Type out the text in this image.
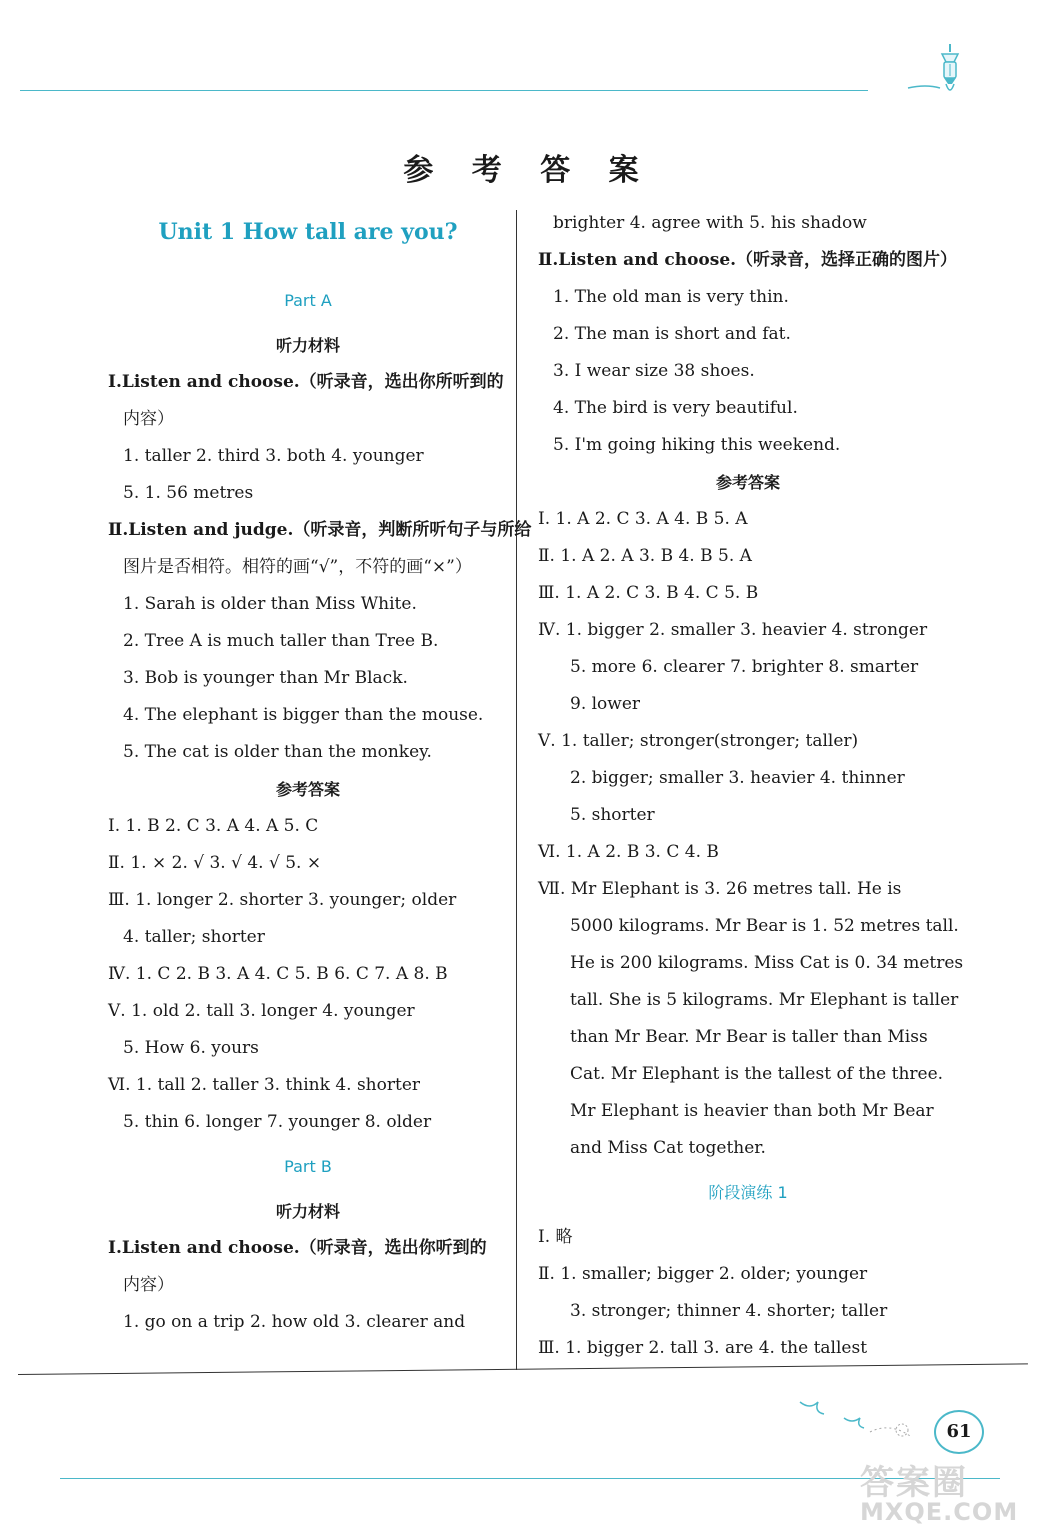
参 考 答 案
Unit 1 How tall are you?
Part A
听力材料
Ⅰ.Listen and choose.（听录音，选出你所听到的
内容）
1. taller 2. third 3. both 4. younger
5. 1. 56 metres
Ⅱ.Listen and judge.（听录音，判断所听句子与所给
图片是否相符。相符的画“√”，不符的画“×”）
1. Sarah is older than Miss White.
2. Tree A is much taller than Tree B.
3. Bob is younger than Mr Black.
4. The elephant is bigger than the mouse.
5. The cat is older than the monkey.
参考答案
Ⅰ. 1. B 2. C 3. A 4. A 5. C
Ⅱ. 1. × 2. √ 3. √ 4. √ 5. ×
Ⅲ. 1. longer 2. shorter 3. younger; older
4. taller; shorter
Ⅳ. 1. C 2. B 3. A 4. C 5. B 6. C 7. A 8. B
Ⅴ. 1. old 2. tall 3. longer 4. younger
5. How 6. yours
Ⅵ. 1. tall 2. taller 3. think 4. shorter
5. thin 6. longer 7. younger 8. older
Part B
听力材料
Ⅰ.Listen and choose.（听录音，选出你听到的
内容）
1. go on a trip 2. how old 3. clearer and
brighter 4. agree with 5. his shadow
Ⅱ.Listen and choose.（听录音，选择正确的图片）
1. The old man is very thin.
2. The man is short and fat.
3. I wear size 38 shoes.
4. The bird is very beautiful.
5. I'm going hiking this weekend.
参考答案
Ⅰ. 1. A 2. C 3. A 4. B 5. A
Ⅱ. 1. A 2. A 3. B 4. B 5. A
Ⅲ. 1. A 2. C 3. B 4. C 5. B
Ⅳ. 1. bigger 2. smaller 3. heavier 4. stronger
5. more 6. clearer 7. brighter 8. smarter
9. lower
Ⅴ. 1. taller; stronger(stronger; taller)
2. bigger; smaller 3. heavier 4. thinner
5. shorter
Ⅵ. 1. A 2. B 3. C 4. B
Ⅶ. Mr Elephant is 3. 26 metres tall. He is
5000 kilograms. Mr Bear is 1. 52 metres tall.
He is 200 kilograms. Miss Cat is 0. 34 metres
tall. She is 5 kilograms. Mr Elephant is taller
than Mr Bear. Mr Bear is taller than Miss
Cat. Mr Elephant is the tallest of the three.
Mr Elephant is heavier than both Mr Bear
and Miss Cat together.
阶段演练 1
Ⅰ. 略
Ⅱ. 1. smaller; bigger 2. older; younger
3. stronger; thinner 4. shorter; taller
Ⅲ. 1. bigger 2. tall 3. are 4. the tallest
61
答案圈
MXQE.COM
